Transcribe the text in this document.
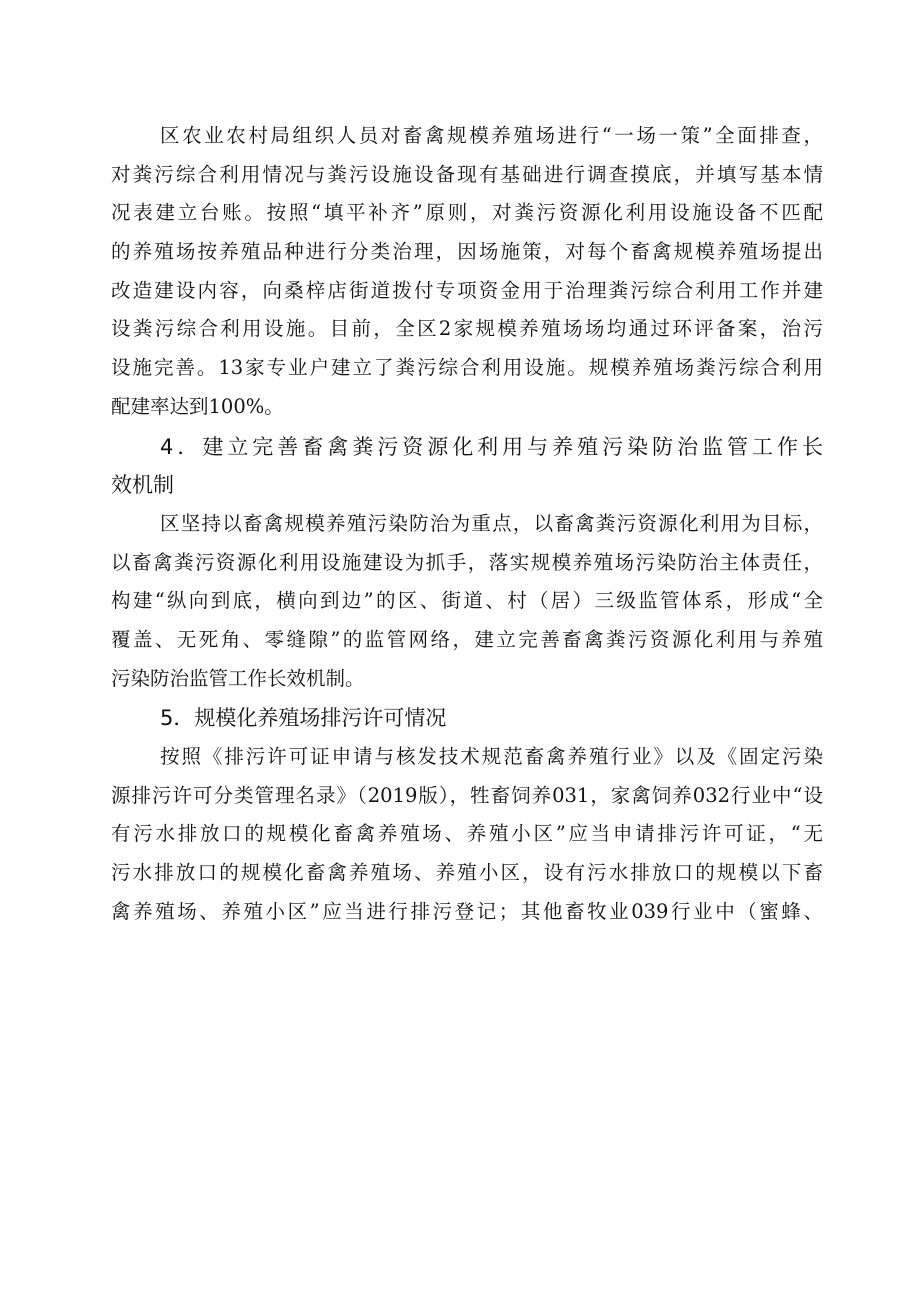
区农业农村局组织人员对畜禽规模养殖场进行“一场一策”全面排查，
对粪污综合利用情况与粪污设施设备现有基础进行调查摸底，并填写基本情
况表建立台账。按照“填平补齐”原则，对粪污资源化利用设施设备不匹配
的养殖场按养殖品种进行分类治理，因场施策，对每个畜禽规模养殖场提出
改造建设内容，向桑梓店街道拨付专项资金用于治理粪污综合利用工作并建
设粪污综合利用设施。目前，全区2家规模养殖场场均通过环评备案，治污
设施完善。13家专业户建立了粪污综合利用设施。规模养殖场粪污综合利用
配建率达到100%。
4．建立完善畜禽粪污资源化利用与养殖污染防治监管工作长
效机制
区坚持以畜禽规模养殖污染防治为重点，以畜禽粪污资源化利用为目标，
以畜禽粪污资源化利用设施建设为抓手，落实规模养殖场污染防治主体责任，
构建“纵向到底，横向到边”的区、街道、村（居）三级监管体系，形成“全
覆盖、无死角、零缝隙”的监管网络，建立完善畜禽粪污资源化利用与养殖
污染防治监管工作长效机制。
5．规模化养殖场排污许可情况
按照《排污许可证申请与核发技术规范畜禽养殖行业》以及《固定污染
源排污许可分类管理名录》（2019版），牲畜饲养031，家禽饲养032行业中“设
有污水排放口的规模化畜禽养殖场、养殖小区”应当申请排污许可证，“无
污水排放口的规模化畜禽养殖场、养殖小区，设有污水排放口的规模以下畜
禽养殖场、养殖小区”应当进行排污登记；其他畜牧业039行业中（蜜蜂、
